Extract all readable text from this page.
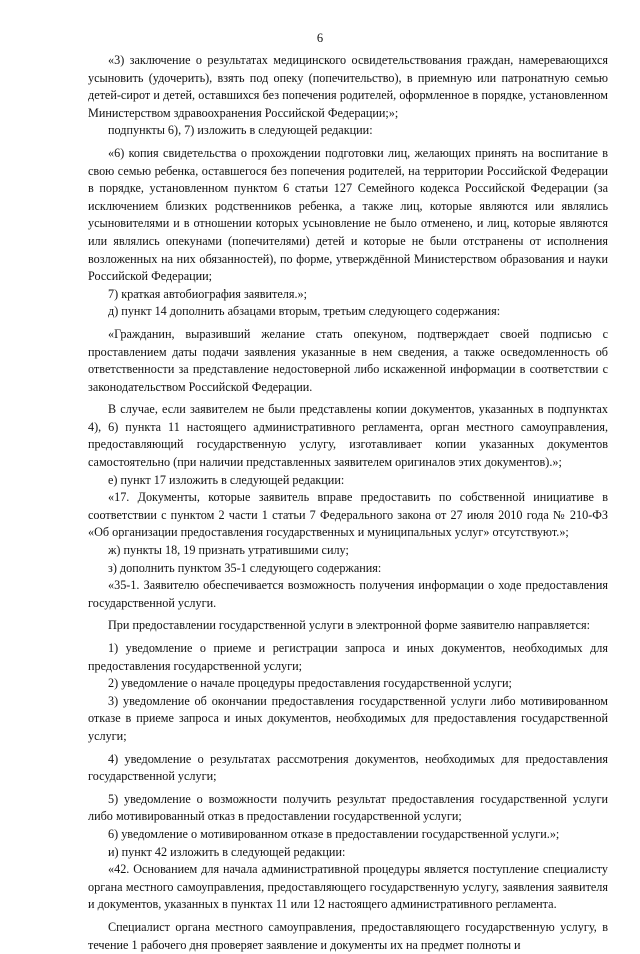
6

«3) заключение о результатах медицинского освидетельствования граждан, намеревающихся усыновить (удочерить), взять под опеку (попечительство), в приемную или патронатную семью детей-сирот и детей, оставшихся без попечения родителей, оформленное в порядке, установленном Министерством здравоохранения Российской Федерации;»;

подпункты 6), 7) изложить в следующей редакции:

«6) копия свидетельства о прохождении подготовки лиц, желающих принять на воспитание в свою семью ребенка, оставшегося без попечения родителей, на территории Российской Федерации в порядке, установленном пунктом 6 статьи 127 Семейного кодекса Российской Федерации (за исключением близких родственников ребенка, а также лиц, которые являются или являлись усыновителями и в отношении которых усыновление не было отменено, и лиц, которые являются или являлись опекунами (попечителями) детей и которые не были отстранены от исполнения возложенных на них обязанностей), по форме, утверждённой Министерством образования и науки Российской Федерации;

7) краткая автобиография заявителя.»;

д) пункт 14 дополнить абзацами вторым, третьим следующего содержания:

«Гражданин, выразивший желание стать опекуном, подтверждает своей подписью с проставлением даты подачи заявления указанные в нем сведения, а также осведомленность об ответственности за представление недостоверной либо искаженной информации в соответствии с законодательством Российской Федерации.

В случае, если заявителем не были представлены копии документов, указанных в подпунктах 4), 6) пункта 11 настоящего административного регламента, орган местного самоуправления, предоставляющий государственную услугу, изготавливает копии указанных документов самостоятельно (при наличии представленных заявителем оригиналов этих документов).»;

е) пункт 17 изложить в следующей редакции:

«17. Документы, которые заявитель вправе предоставить по собственной инициативе в соответствии с пунктом 2 части 1 статьи 7 Федерального закона от 27 июля 2010 года № 210-ФЗ «Об организации предоставления государственных и муниципальных услуг» отсутствуют.»;

ж) пункты 18, 19 признать утратившими силу;

з) дополнить пунктом 35-1 следующего содержания:

«35-1. Заявителю обеспечивается возможность получения информации о ходе предоставления государственной услуги.

При предоставлении государственной услуги в электронной форме заявителю направляется:

1) уведомление о приеме и регистрации запроса и иных документов, необходимых для предоставления государственной услуги;

2) уведомление о начале процедуры предоставления государственной услуги;

3) уведомление об окончании предоставления государственной услуги либо мотивированном отказе в приеме запроса и иных документов, необходимых для предоставления государственной услуги;

4) уведомление о результатах рассмотрения документов, необходимых для предоставления государственной услуги;

5) уведомление о возможности получить результат предоставления государственной услуги либо мотивированный отказ в предоставлении государственной услуги;

6) уведомление о мотивированном отказе в предоставлении государственной услуги.»;

и) пункт 42 изложить в следующей редакции:

«42. Основанием для начала административной процедуры является поступление специалисту органа местного самоуправления, предоставляющего государственную услугу, заявления заявителя и документов, указанных в пунктах 11 или 12 настоящего административного регламента.

Специалист органа местного самоуправления, предоставляющего государственную услугу, в течение 1 рабочего дня проверяет заявление и документы их на предмет полноты и
